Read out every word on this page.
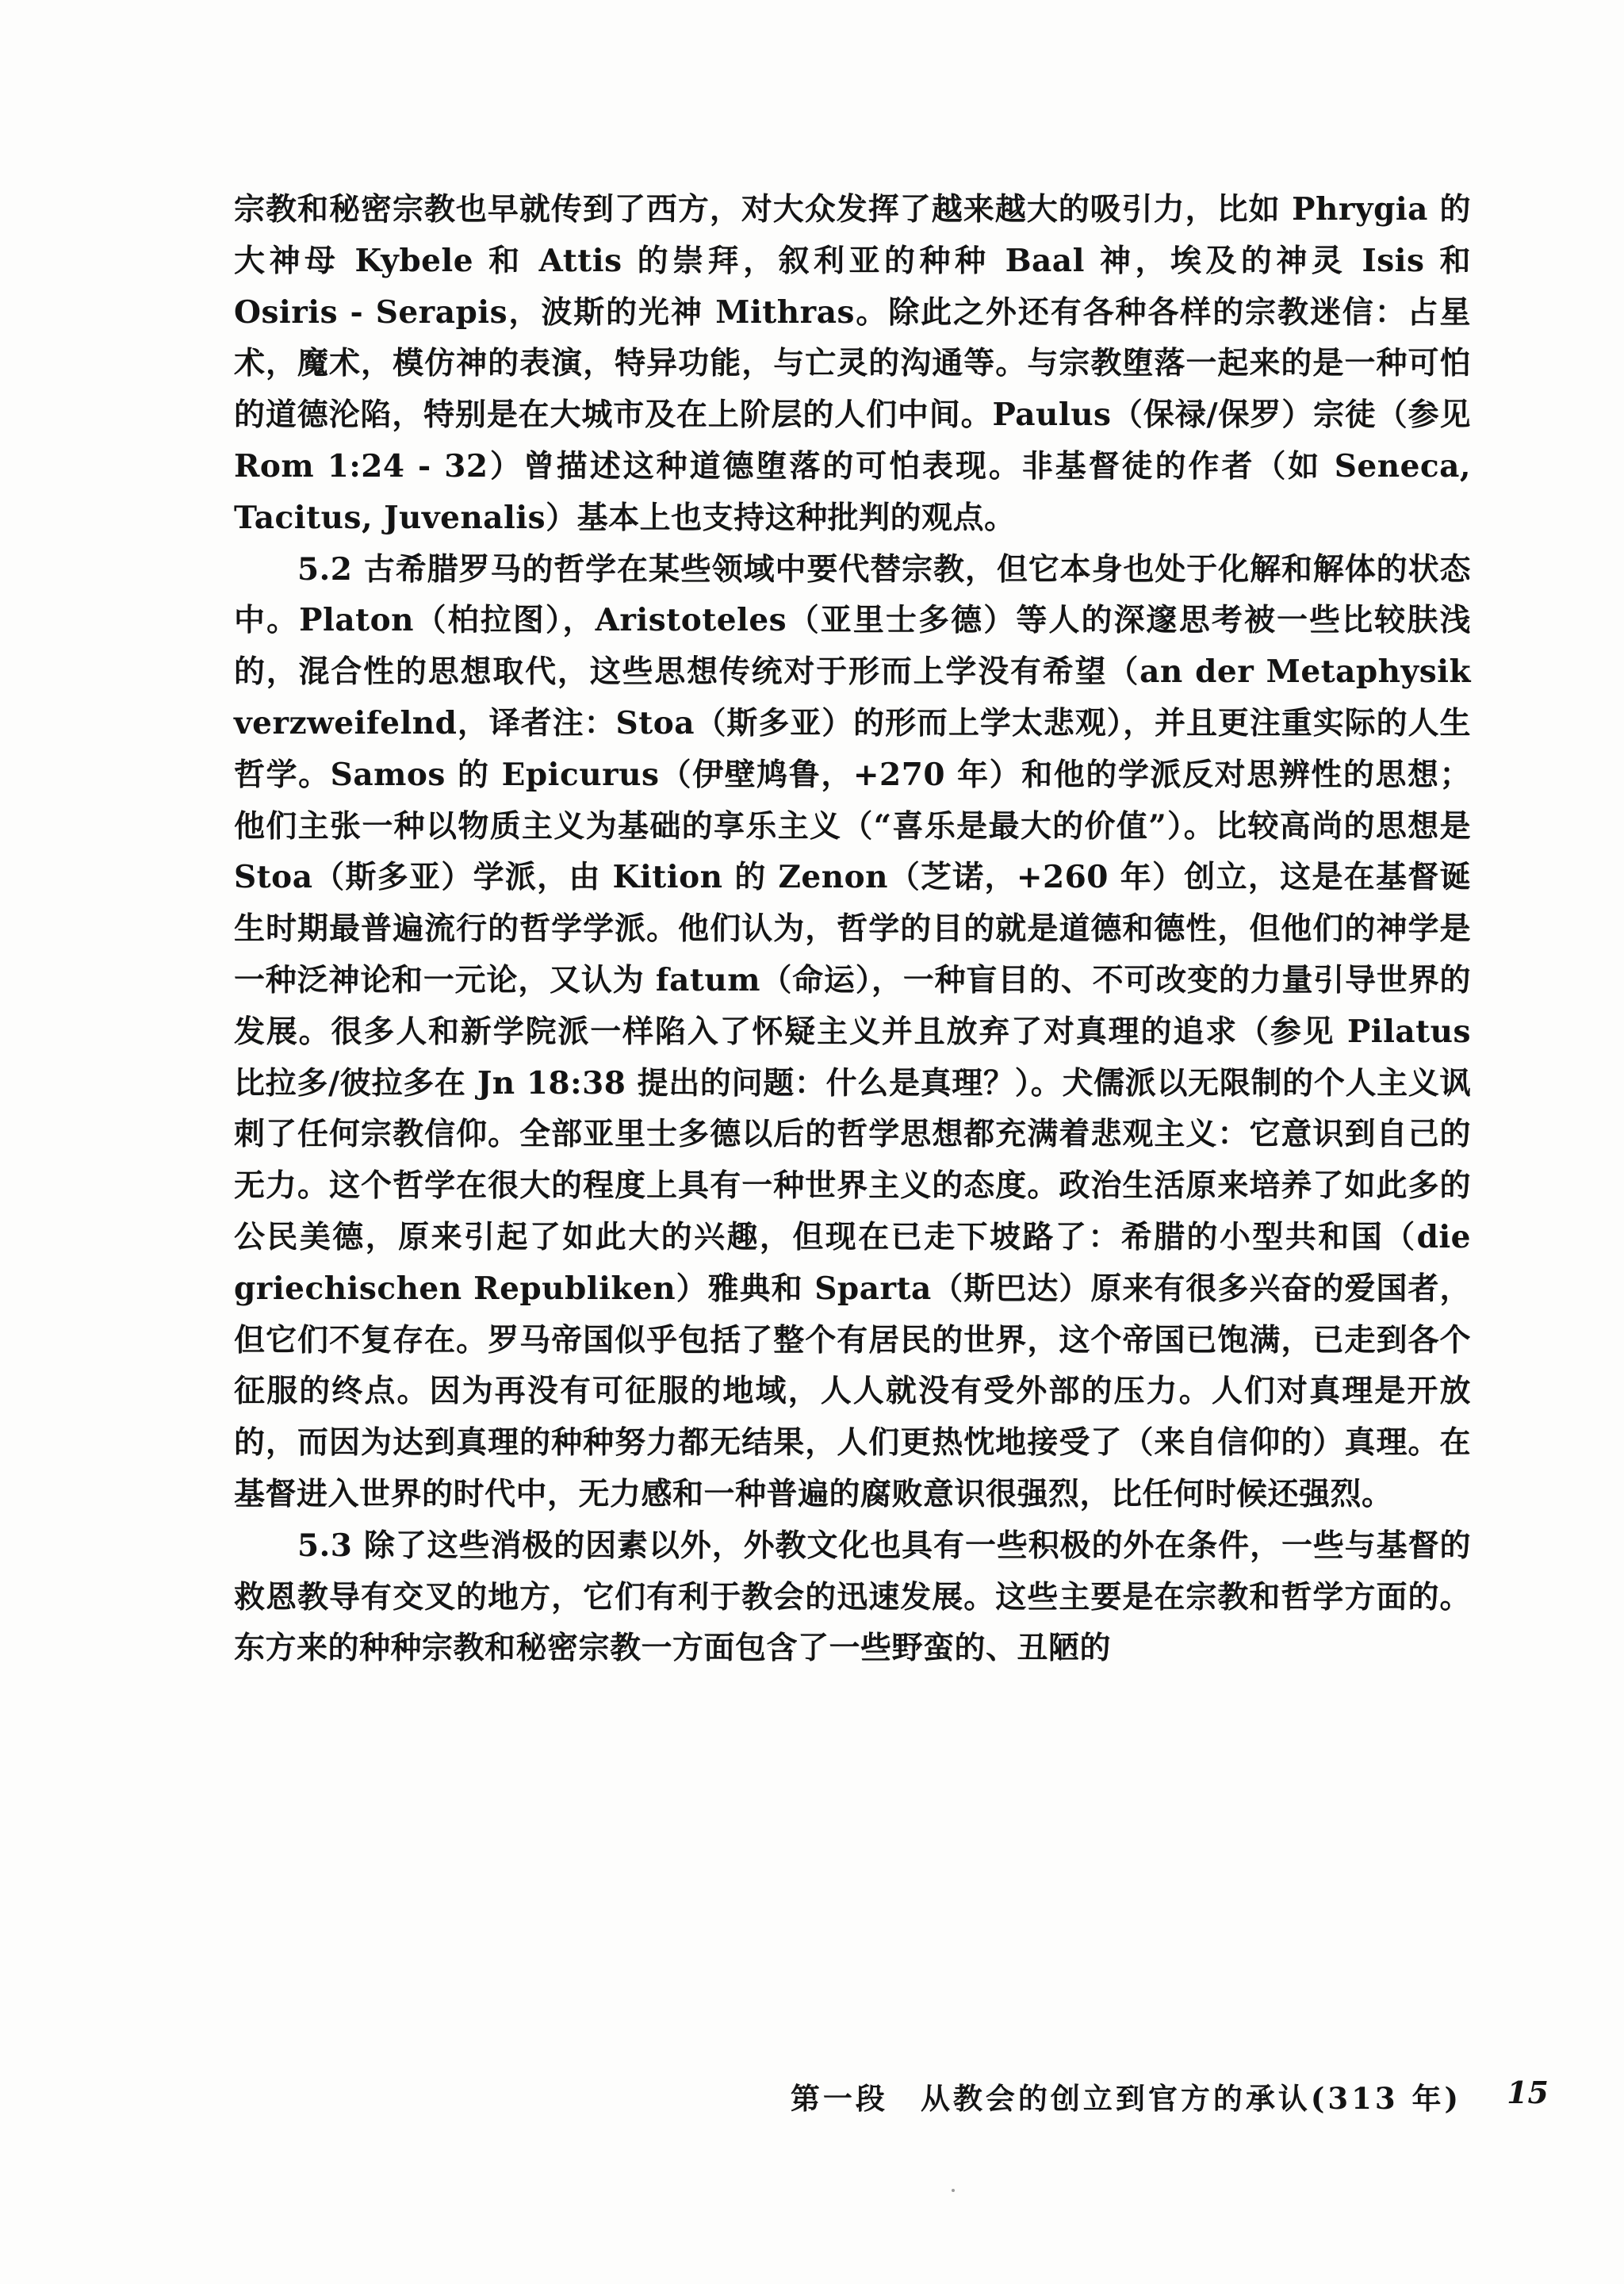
宗教和秘密宗教也早就传到了西方，对大众发挥了越来越大的吸引力，比如 Phrygia 的大神母 Kybele 和 Attis 的崇拜，叙利亚的种种 Baal 神，埃及的神灵 Isis 和 Osiris - Serapis，波斯的光神 Mithras。除此之外还有各种各样的宗教迷信：占星术，魔术，模仿神的表演，特异功能，与亡灵的沟通等。与宗教堕落一起来的是一种可怕的道德沦陷，特别是在大城市及在上阶层的人们中间。Paulus（保禄/保罗）宗徒（参见 Rom 1:24 - 32）曾描述这种道德堕落的可怕表现。非基督徒的作者（如 Seneca, Tacitus, Juvenalis）基本上也支持这种批判的观点。

5.2 古希腊罗马的哲学在某些领域中要代替宗教，但它本身也处于化解和解体的状态中。Platon（柏拉图），Aristoteles（亚里士多德）等人的深邃思考被一些比较肤浅的，混合性的思想取代，这些思想传统对于形而上学没有希望（an der Metaphysik verzweifelnd，译者注：Stoa（斯多亚）的形而上学太悲观），并且更注重实际的人生哲学。Samos 的 Epicurus（伊壁鸠鲁，+270 年）和他的学派反对思辨性的思想；他们主张一种以物质主义为基础的享乐主义（“喜乐是最大的价值”）。比较高尚的思想是 Stoa（斯多亚）学派，由 Kition 的 Zenon（芝诺，+260 年）创立，这是在基督诞生时期最普遍流行的哲学学派。他们认为，哲学的目的就是道德和德性，但他们的神学是一种泛神论和一元论，又认为 fatum（命运），一种盲目的、不可改变的力量引导世界的发展。很多人和新学院派一样陷入了怀疑主义并且放弃了对真理的追求（参见 Pilatus 比拉多/彼拉多在 Jn 18:38 提出的问题：什么是真理？）。犬儒派以无限制的个人主义讽刺了任何宗教信仰。全部亚里士多德以后的哲学思想都充满着悲观主义：它意识到自己的无力。这个哲学在很大的程度上具有一种世界主义的态度。政治生活原来培养了如此多的公民美德，原来引起了如此大的兴趣，但现在已走下坡路了：希腊的小型共和国（die griechischen Republiken）雅典和 Sparta（斯巴达）原来有很多兴奋的爱国者，但它们不复存在。罗马帝国似乎包括了整个有居民的世界，这个帝国已饱满，已走到各个征服的终点。因为再没有可征服的地域，人人就没有受外部的压力。人们对真理是开放的，而因为达到真理的种种努力都无结果，人们更热忱地接受了（来自信仰的）真理。在基督进入世界的时代中，无力感和一种普遍的腐败意识很强烈，比任何时候还强烈。

5.3 除了这些消极的因素以外，外教文化也具有一些积极的外在条件，一些与基督的救恩教导有交叉的地方，它们有利于教会的迅速发展。这些主要是在宗教和哲学方面的。东方来的种种宗教和秘密宗教一方面包含了一些野蛮的、丑陋的

第一段　从教会的创立到官方的承认(313 年) 15
